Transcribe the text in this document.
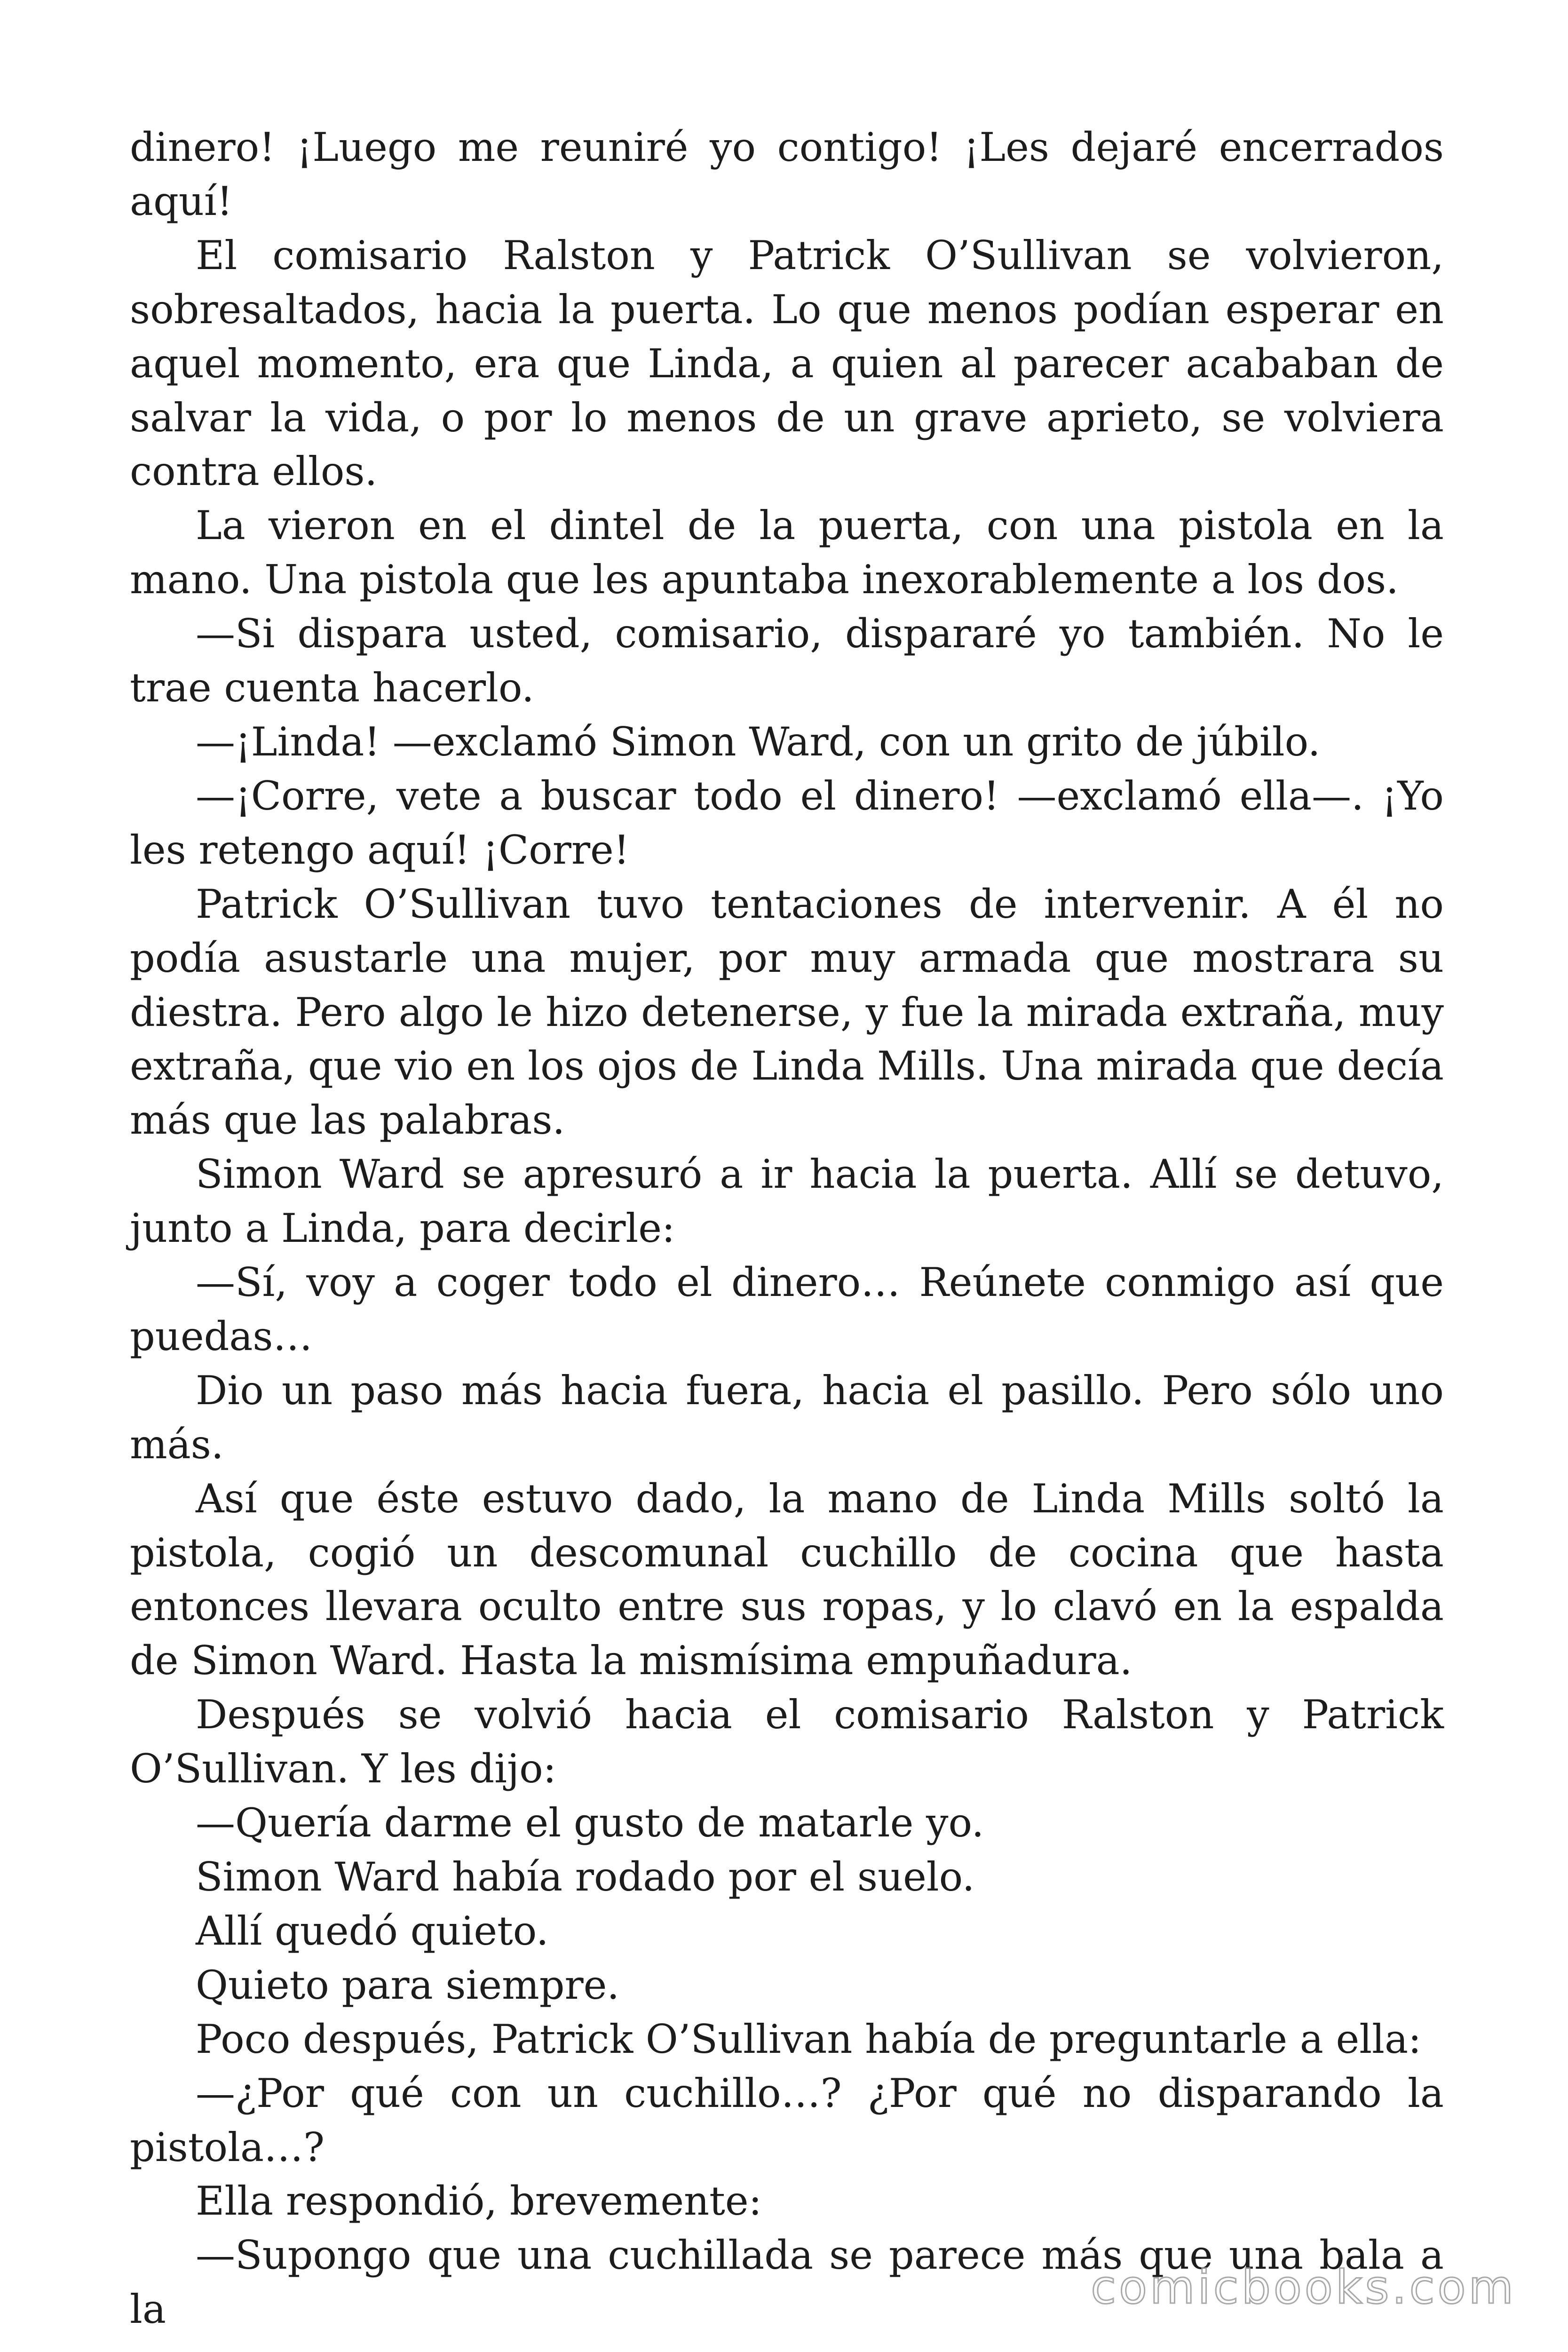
dinero! ¡Luego me reuniré yo contigo! ¡Les dejaré encerrados aquí!

El comisario Ralston y Patrick O’Sullivan se volvieron, sobresaltados, hacia la puerta. Lo que menos podían esperar en aquel momento, era que Linda, a quien al parecer acababan de salvar la vida, o por lo menos de un grave aprieto, se volviera contra ellos.

La vieron en el dintel de la puerta, con una pistola en la mano. Una pistola que les apuntaba inexorablemente a los dos.

—Si dispara usted, comisario, dispararé yo también. No le trae cuenta hacerlo.

—¡Linda! —exclamó Simon Ward, con un grito de júbilo.

—¡Corre, vete a buscar todo el dinero! —exclamó ella—. ¡Yo les retengo aquí! ¡Corre!

Patrick O’Sullivan tuvo tentaciones de intervenir. A él no podía asustarle una mujer, por muy armada que mostrara su diestra. Pero algo le hizo detenerse, y fue la mirada extraña, muy extraña, que vio en los ojos de Linda Mills. Una mirada que decía más que las palabras.

Simon Ward se apresuró a ir hacia la puerta. Allí se detuvo, junto a Linda, para decirle:

—Sí, voy a coger todo el dinero… Reúnete conmigo así que puedas…

Dio un paso más hacia fuera, hacia el pasillo. Pero sólo uno más.

Así que éste estuvo dado, la mano de Linda Mills soltó la pistola, cogió un descomunal cuchillo de cocina que hasta entonces llevara oculto entre sus ropas, y lo clavó en la espalda de Simon Ward. Hasta la mismísima empuñadura.

Después se volvió hacia el comisario Ralston y Patrick O’Sullivan. Y les dijo:

—Quería darme el gusto de matarle yo.

Simon Ward había rodado por el suelo.

Allí quedó quieto.

Quieto para siempre.

Poco después, Patrick O’Sullivan había de preguntarle a ella:

—¿Por qué con un cuchillo…? ¿Por qué no disparando la pistola…?

Ella respondió, brevemente:

—Supongo que una cuchillada se parece más que una bala a la	comicbooks.com
